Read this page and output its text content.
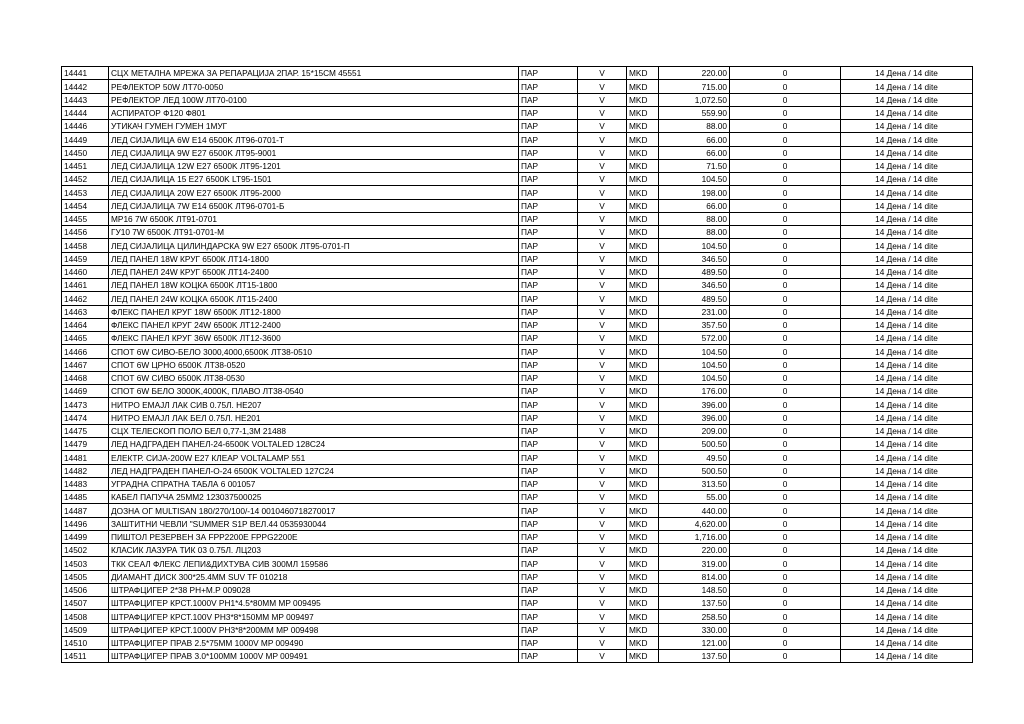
14441	СЦХ МЕТАЛНА МРЕЖА ЗА РЕПАРАЦИЈА 2ПАР. 15*15СМ 45551	ПАР	V	MKD	220.00	0	14 Дена / 14 dite
14442	РЕФЛЕКТОР 50W ЛТ70-0050	ПАР	V	MKD	715.00	0	14 Дена / 14 dite
14443	РЕФЛЕКТОР ЛЕД 100W ЛТ70-0100	ПАР	V	MKD	1,072.50	0	14 Дена / 14 dite
14444	АСПИРАТОР Ф120 Ф801	ПАР	V	MKD	559.90	0	14 Дена / 14 dite
14446	УТИКАЧ ГУМЕН ГУМЕН 1МУГ	ПАР	V	MKD	88.00	0	14 Дена / 14 dite
14449	ЛЕД СИЈАЛИЦА 6W E14 6500K ЛТ96-0701-Т	ПАР	V	MKD	66.00	0	14 Дена / 14 dite
14450	ЛЕД СИЈАЛИЦА 9W E27 6500K ЛТ95-9001	ПАР	V	MKD	66.00	0	14 Дена / 14 dite
14451	ЛЕД СИЈАЛИЦА 12W E27 6500K ЛТ95-1201	ПАР	V	MKD	71.50	0	14 Дена / 14 dite
14452	ЛЕД СИЈАЛИЦА 15 E27 6500K LT95-1501	ПАР	V	MKD	104.50	0	14 Дена / 14 dite
14453	ЛЕД СИЈАЛИЦА 20W E27 6500K ЛТ95-2000	ПАР	V	MKD	198.00	0	14 Дена / 14 dite
14454	ЛЕД СИЈАЛИЦА 7W E14 6500K ЛТ96-0701-Б	ПАР	V	MKD	66.00	0	14 Дена / 14 dite
14455	МР16 7W 6500K ЛТ91-0701	ПАР	V	MKD	88.00	0	14 Дена / 14 dite
14456	ГУ10 7W 6500K ЛТ91-0701-М	ПАР	V	MKD	88.00	0	14 Дена / 14 dite
14458	ЛЕД СИЈАЛИЦА ЦИЛИНДАРСКА 9W E27 6500K ЛТ95-0701-П	ПАР	V	MKD	104.50	0	14 Дена / 14 dite
14459	ЛЕД ПАНЕЛ 18W КРУГ 6500К ЛТ14-1800	ПАР	V	MKD	346.50	0	14 Дена / 14 dite
14460	ЛЕД ПАНЕЛ 24W КРУГ 6500К ЛТ14-2400	ПАР	V	MKD	489.50	0	14 Дена / 14 dite
14461	ЛЕД ПАНЕЛ 18W КОЦКА 6500K ЛТ15-1800	ПАР	V	MKD	346.50	0	14 Дена / 14 dite
14462	ЛЕД ПАНЕЛ 24W КОЦКА 6500K ЛТ15-2400	ПАР	V	MKD	489.50	0	14 Дена / 14 dite
14463	ФЛЕКС ПАНЕЛ КРУГ 18W 6500K ЛТ12-1800	ПАР	V	MKD	231.00	0	14 Дена / 14 dite
14464	ФЛЕКС ПАНЕЛ КРУГ 24W 6500K ЛТ12-2400	ПАР	V	MKD	357.50	0	14 Дена / 14 dite
14465	ФЛЕКС ПАНЕЛ КРУГ 36W 6500K ЛТ12-3600	ПАР	V	MKD	572.00	0	14 Дена / 14 dite
14466	СПОТ 6W СИВО-БЕЛО 3000,4000,6500K ЛТ38-0510	ПАР	V	MKD	104.50	0	14 Дена / 14 dite
14467	СПОТ 6W ЦРНО 6500K ЛТ38-0520	ПАР	V	MKD	104.50	0	14 Дена / 14 dite
14468	СПОТ 6W СИВО 6500K ЛТ38-0530	ПАР	V	MKD	104.50	0	14 Дена / 14 dite
14469	СПОТ 6W БЕЛО 3000K,4000K, ПЛАВО ЛТ38-0540	ПАР	V	MKD	176.00	0	14 Дена / 14 dite
14473	НИТРО ЕМАЈЛ ЛАК СИВ 0.75Л. НЕ207	ПАР	V	MKD	396.00	0	14 Дена / 14 dite
14474	НИТРО ЕМАЈЛ ЛАК БЕЛ 0.75Л. НЕ201	ПАР	V	MKD	396.00	0	14 Дена / 14 dite
14475	СЦХ ТЕЛЕСКОП ПОЛО БЕЛ 0,77-1,3М 21488	ПАР	V	MKD	209.00	0	14 Дена / 14 dite
14479	ЛЕД НАДГРАДЕН ПАНЕЛ-24-6500K VOLTALED 128C24	ПАР	V	MKD	500.50	0	14 Дена / 14 dite
14481	ЕЛЕКТР. СИЈА-200W E27 КЛЕАР VOLTALAMP 551	ПАР	V	MKD	49.50	0	14 Дена / 14 dite
14482	ЛЕД НАДГРАДЕН ПАНЕЛ-О-24 6500K VOLTALED 127C24	ПАР	V	MKD	500.50	0	14 Дена / 14 dite
14483	УГРАДНА СПРАТНА ТАБЛА 6 001057	ПАР	V	MKD	313.50	0	14 Дена / 14 dite
14485	КАБЕЛ ПАПУЧА 25ММ2 123037500025	ПАР	V	MKD	55.00	0	14 Дена / 14 dite
14487	ДОЗНА ОГ MULTISAN 180/270/100/-14 0010460718270017	ПАР	V	MKD	440.00	0	14 Дена / 14 dite
14496	ЗАШТИТНИ ЧЕВЛИ "SUMMER S1P ВЕЛ.44 0535930044	ПАР	V	MKD	4,620.00	0	14 Дена / 14 dite
14499	ПИШТОЛ РЕЗЕРВЕН ЗА FPP2200E FPPG2200E	ПАР	V	MKD	1,716.00	0	14 Дена / 14 dite
14502	КЛАСИК ЛАЗУРА ТИК 03 0.75Л. ЛЦ203	ПАР	V	MKD	220.00	0	14 Дена / 14 dite
14503	ТКК СЕАЛ ФЛЕКС ЛЕПИ&ДИХТУВА СИВ 300МЛ 159586	ПАР	V	MKD	319.00	0	14 Дена / 14 dite
14505	ДИАМАНТ ДИСК 300*25.4ММ SUV TF 010218	ПАР	V	MKD	814.00	0	14 Дена / 14 dite
14506	ШТРАФЦИГЕР 2*38 PH+M.P 009028	ПАР	V	MKD	148.50	0	14 Дена / 14 dite
14507	ШТРАФЦИГЕР КРСТ.1000V PH1*4.5*80ММ MP 009495	ПАР	V	MKD	137.50	0	14 Дена / 14 dite
14508	ШТРАФЦИГЕР КРСТ.100V PH3*8*150ММ MP 009497	ПАР	V	MKD	258.50	0	14 Дена / 14 dite
14509	ШТРАФЦИГЕР КРСТ.1000V PH3*8*200ММ MP 009498	ПАР	V	MKD	330.00	0	14 Дена / 14 dite
14510	ШТРАФЦИГЕР ПРАВ 2.5*75ММ 1000V MP 009490	ПАР	V	MKD	121.00	0	14 Дена / 14 dite
14511	ШТРАФЦИГЕР ПРАВ 3.0*100ММ 1000V MP 009491	ПАР	V	MKD	137.50	0	14 Дена / 14 dite
